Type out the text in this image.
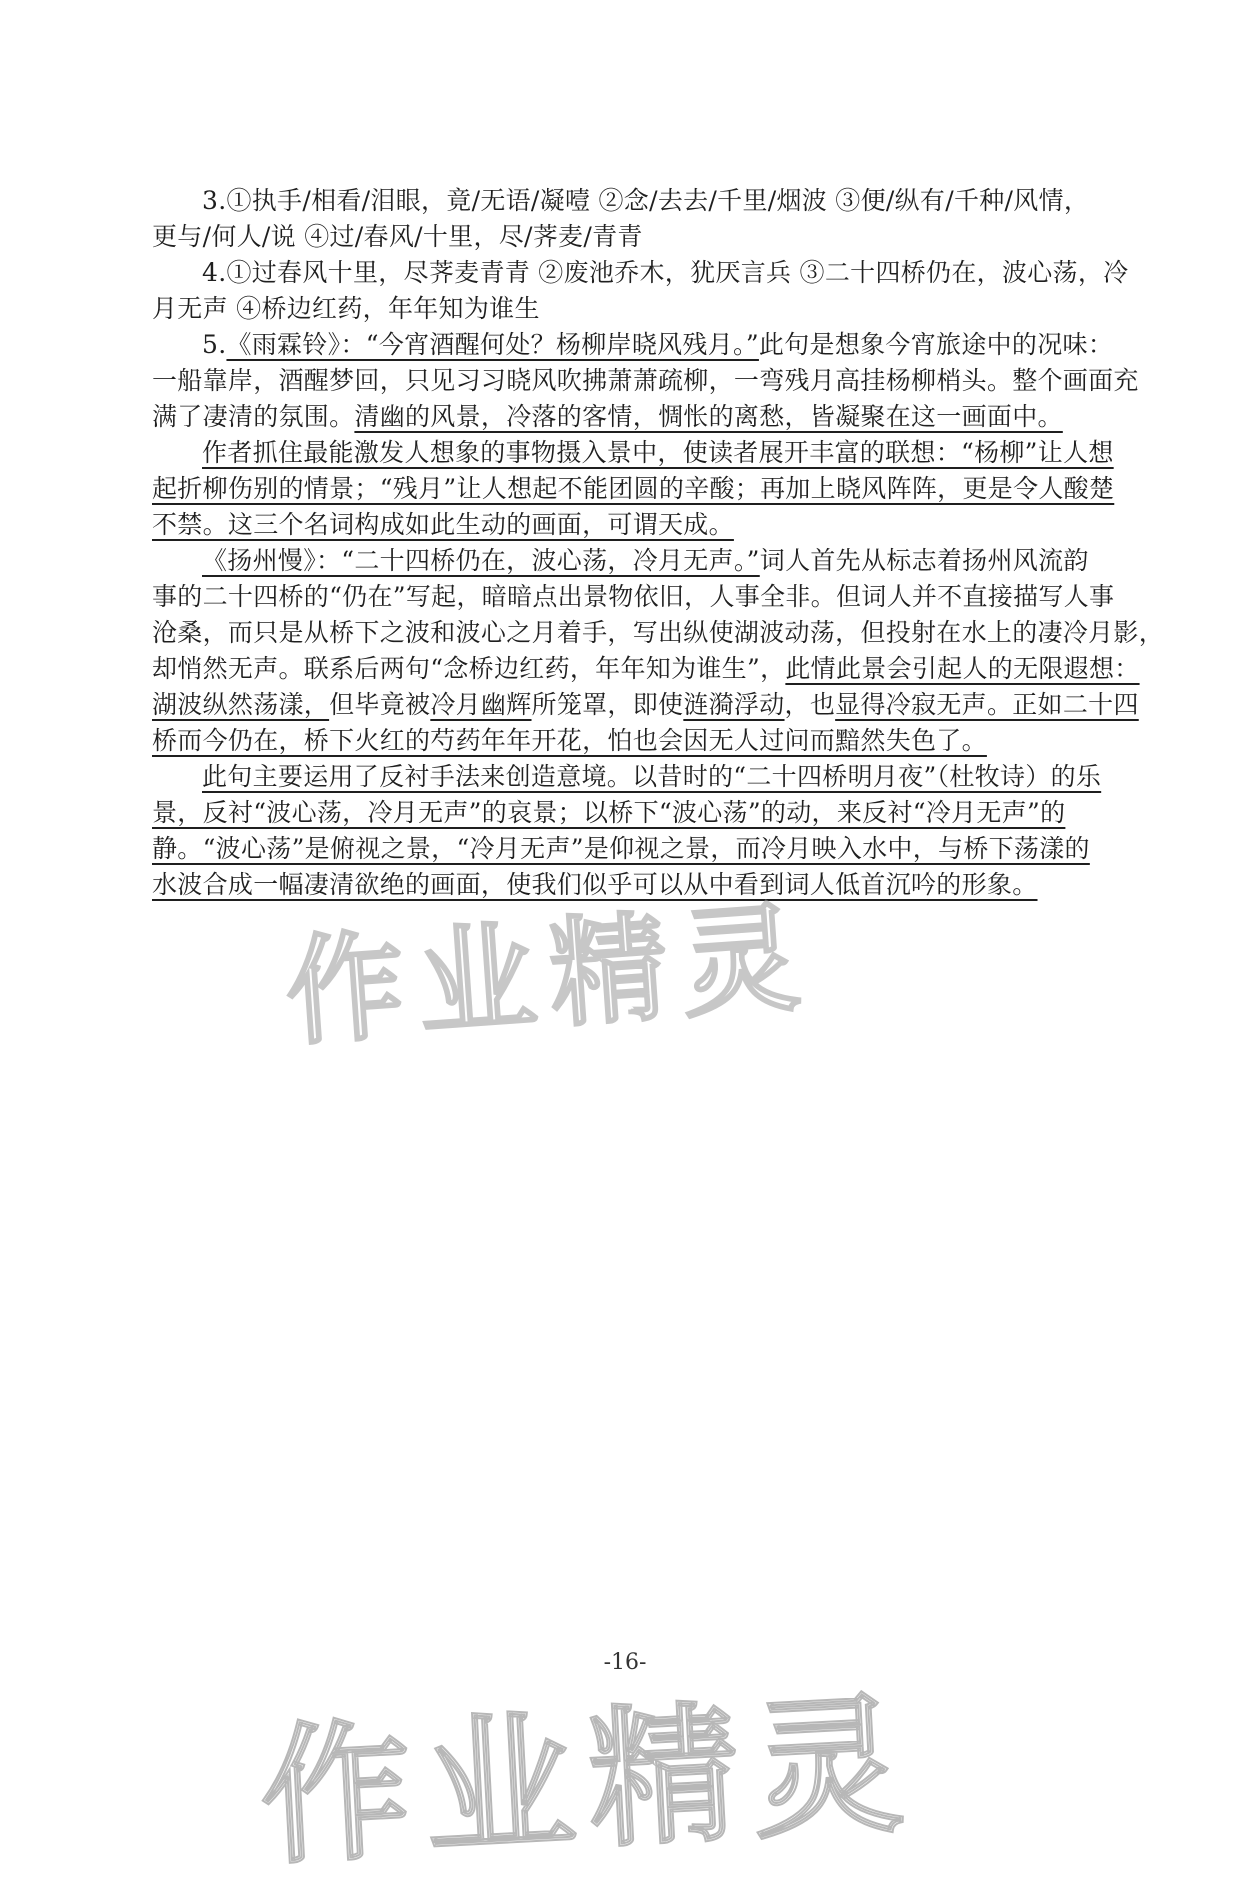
3.①执手/相看/泪眼，竟/无语/凝噎 ②念/去去/千里/烟波 ③便/纵有/千种/风情，

更与/何人/说 ④过/春风/十里，尽/荠麦/青青

4.①过春风十里，尽荠麦青青 ②废池乔木，犹厌言兵 ③二十四桥仍在，波心荡，冷

月无声 ④桥边红药，年年知为谁生

5.《雨霖铃》：“今宵酒醒何处？杨柳岸晓风残月。”此句是想象今宵旅途中的况味：

一船靠岸，酒醒梦回，只见习习晓风吹拂萧萧疏柳，一弯残月高挂杨柳梢头。整个画面充

满了凄清的氛围。清幽的风景，冷落的客情，惆怅的离愁，皆凝聚在这一画面中。

作者抓住最能激发人想象的事物摄入景中，使读者展开丰富的联想：“杨柳”让人想

起折柳伤别的情景；“残月”让人想起不能团圆的辛酸；再加上晓风阵阵，更是令人酸楚

不禁。这三个名词构成如此生动的画面，可谓天成。

《扬州慢》：“二十四桥仍在，波心荡，冷月无声。”词人首先从标志着扬州风流韵

事的二十四桥的“仍在”写起，暗暗点出景物依旧，人事全非。但词人并不直接描写人事

沧桑，而只是从桥下之波和波心之月着手，写出纵使湖波动荡，但投射在水上的凄冷月影，

却悄然无声。联系后两句“念桥边红药，年年知为谁生”，此情此景会引起人的无限遐想：

湖波纵然荡漾，但毕竟被冷月幽辉所笼罩，即使涟漪浮动，也显得冷寂无声。正如二十四

桥而今仍在，桥下火红的芍药年年开花，怕也会因无人过问而黯然失色了。

此句主要运用了反衬手法来创造意境。以昔时的“二十四桥明月夜”（杜牧诗）的乐

景，反衬“波心荡，冷月无声”的哀景；以桥下“波心荡”的动，来反衬“冷月无声”的

静。“波心荡”是俯视之景，“冷月无声”是仰视之景，而冷月映入水中，与桥下荡漾的

水波合成一幅凄清欲绝的画面，使我们似乎可以从中看到词人低首沉吟的形象。

作业精灵
-16-
作业精灵
